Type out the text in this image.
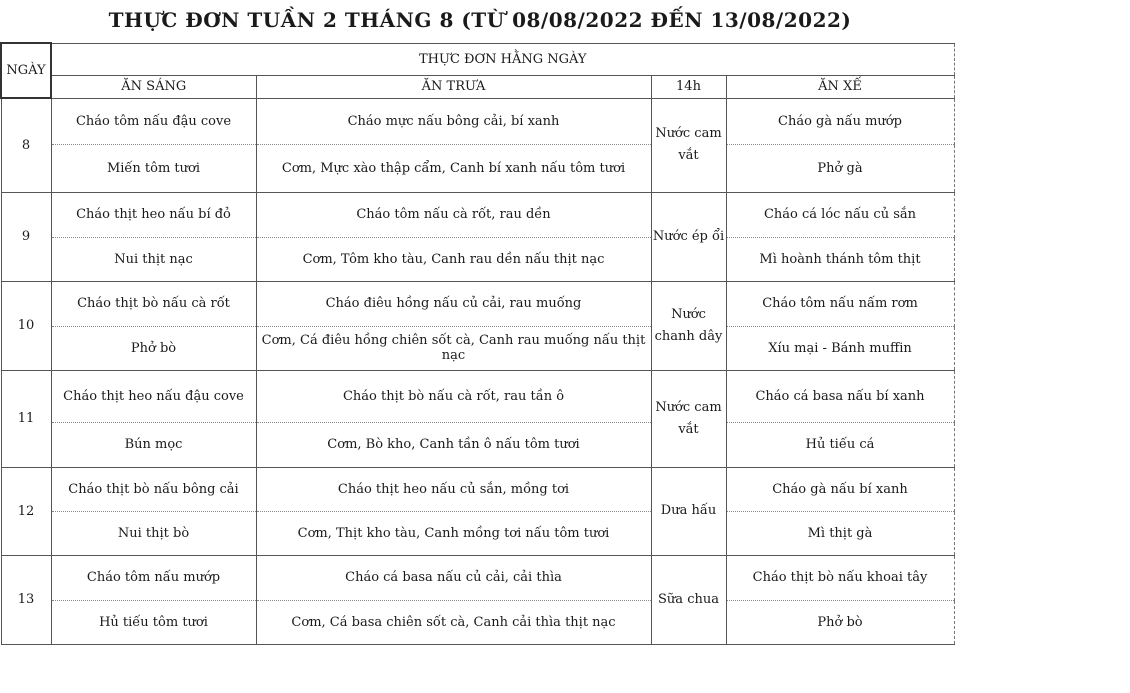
THỰC ĐƠN TUẦN 2 THÁNG 8 (TỪ 08/08/2022 ĐẾN 13/08/2022)
NGÀY	THỰC ĐƠN HẰNG NGÀY			
	ĂN SÁNG	ĂN TRƯA	14h	ĂN XẾ
8	Cháo tôm nấu đậu cove	Cháo mực nấu bông cải, bí xanh	Nước cam vắt	Cháo gà nấu mướp
	Miến tôm tươi	Cơm, Mực xào thập cẩm, Canh bí xanh nấu tôm tươi		Phở gà
9	Cháo thịt heo nấu bí đỏ	Cháo tôm nấu cà rốt, rau dền	Nước ép ổi	Cháo cá lóc nấu củ sắn
	Nui thịt nạc	Cơm, Tôm kho tàu, Canh rau dền nấu thịt nạc		Mì hoành thánh tôm thịt
10	Cháo thịt bò nấu cà rốt	Cháo điêu hồng nấu củ cải, rau muống	Nước chanh dây	Cháo tôm nấu nấm rơm
	Phở bò	Cơm, Cá điêu hồng chiên sốt cà, Canh rau muống nấu thịt nạc		Xíu mại - Bánh muffin
11	Cháo thịt heo nấu đậu cove	Cháo thịt bò nấu cà rốt, rau tần ô	Nước cam vắt	Cháo cá basa nấu bí xanh
	Bún mọc	Cơm, Bò kho, Canh tần ô nấu tôm tươi		Hủ tiếu cá
12	Cháo thịt bò nấu bông cải	Cháo thịt heo nấu củ sắn, mồng tơi	Dưa hấu	Cháo gà nấu bí xanh
	Nui thịt bò	Cơm, Thịt kho tàu, Canh mồng tơi nấu tôm tươi		Mì thịt gà
13	Cháo tôm nấu mướp	Cháo cá basa nấu củ cải, cải thìa	Sữa chua	Cháo thịt bò nấu khoai tây
	Hủ tiếu tôm tươi	Cơm, Cá basa chiên sốt cà, Canh cải thìa thịt nạc		Phở bò
